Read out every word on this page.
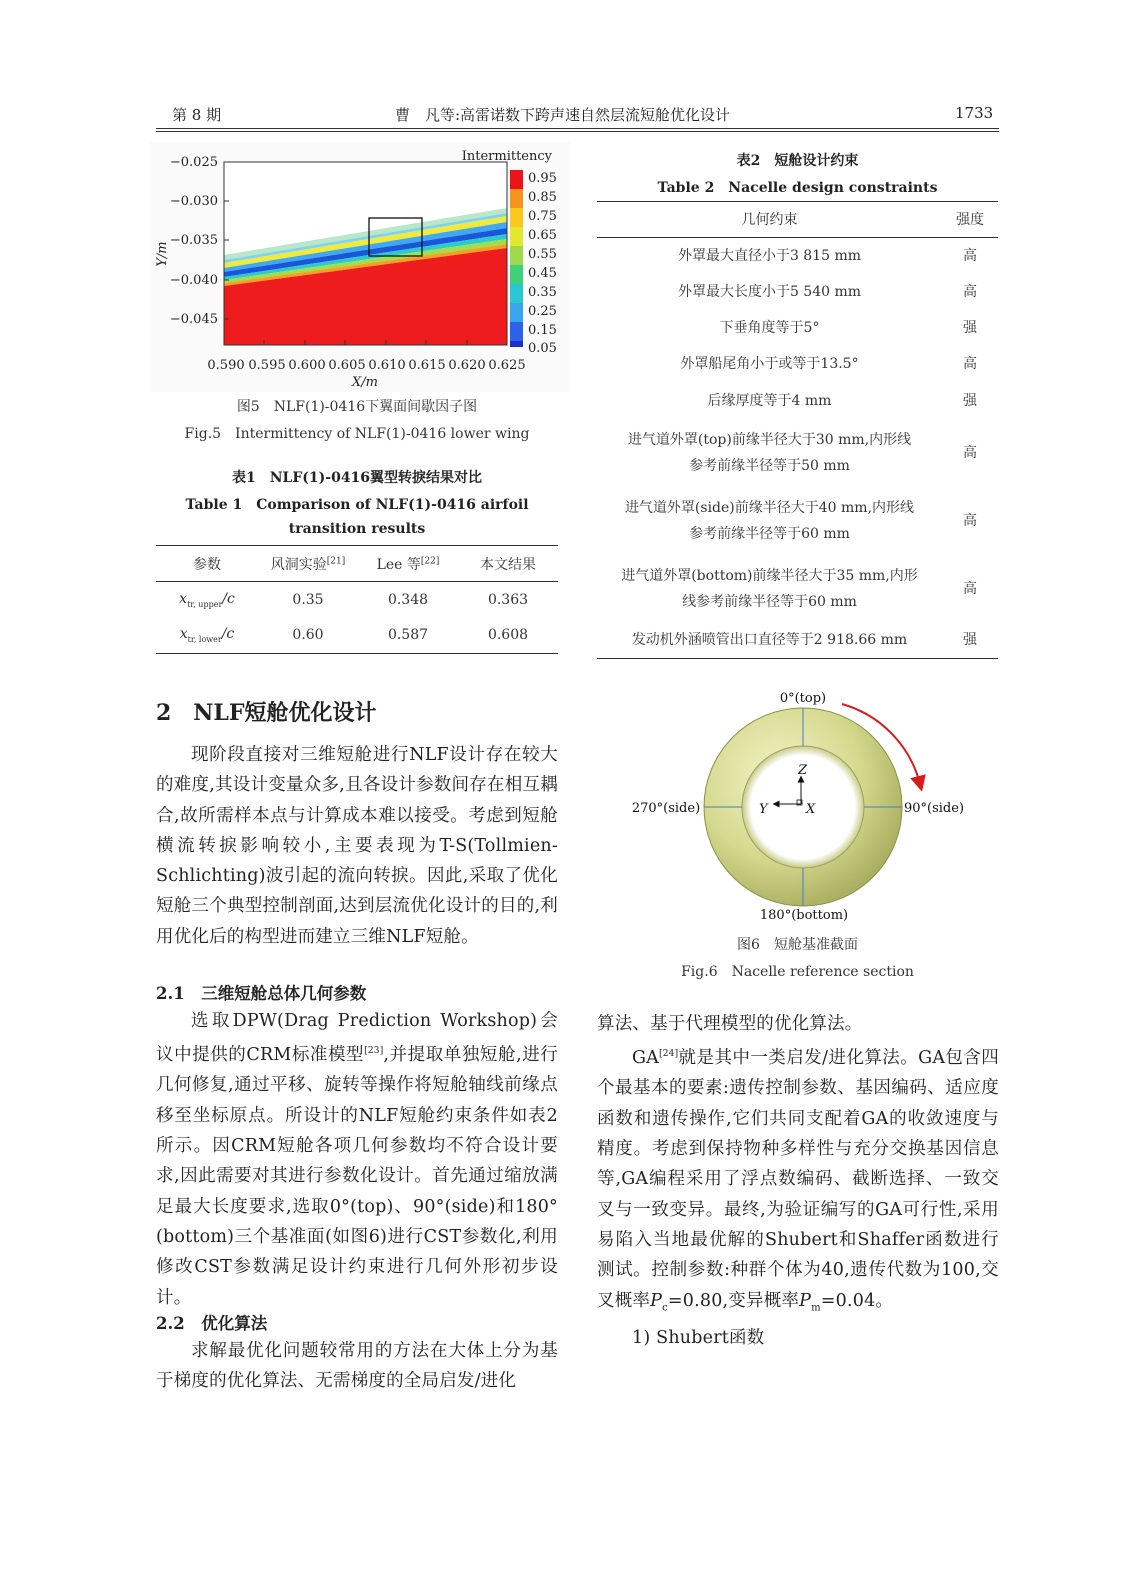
第 8 期	曹　凡等:高雷诺数下跨声速自然层流短舱优化设计	1733
−0.025
−0.030
−0.035
−0.040
−0.045
Y/m
0.590 0.595 0.600 0.605 0.610 0.615 0.620 0.625
X/m
Intermittency
0.95
0.85
0.75
0.65
0.55
0.45
0.35
0.25
0.15
0.05
图5　NLF(1)-0416下翼面间歇因子图
Fig.5　Intermittency of NLF(1)-0416 lower wing
表1　NLF(1)-0416翼型转捩结果对比
Table 1　Comparison of NLF(1)-0416 airfoil
transition results
参数	风洞实验[21]	Lee 等[22]	本文结果
$x_{tr, upper}/c$	0.35	0.348	0.363
$x_{tr, lower}/c$	0.60	0.587	0.608
表2　短舱设计约束
Table 2　Nacelle design constraints
几何约束	强度
外罩最大直径小于3 815 mm	高
外罩最大长度小于5 540 mm	高
下垂角度等于5°	强
外罩船尾角小于或等于13.5°	高
后缘厚度等于4 mm	强

进气道外罩(top)前缘半径大于30 mm,内形线
参考前缘半径等于50 mm	高

进气道外罩(side)前缘半径大于40 mm,内形线
参考前缘半径等于60 mm	高

进气道外罩(bottom)前缘半径大于35 mm,内形
线参考前缘半径等于60 mm	高
发动机外涵喷管出口直径等于2 918.66 mm	强
Z
Y	X
0°(top)
270°(side)	90°(side)
180°(bottom)
图6　短舱基准截面
Fig.6　Nacelle reference section
2　NLF短舱优化设计

现阶段直接对三维短舱进行NLF设计存在较大的难度,其设计变量众多,且各设计参数间存在相互耦合,故所需样本点与计算成本难以接受。考虑到短舱横流转捩影响较小,主要表现为T-S(Tollmien-Schlichting)波引起的流向转捩。因此,采取了优化短舱三个典型控制剖面,达到层流优化设计的目的,利用优化后的构型进而建立三维NLF短舱。

2.1　三维短舱总体几何参数

选取DPW(Drag Prediction Workshop)会议中提供的CRM标准模型[23],并提取单独短舱,进行几何修复,通过平移、旋转等操作将短舱轴线前缘点移至坐标原点。所设计的NLF短舱约束条件如表2所示。因CRM短舱各项几何参数均不符合设计要求,因此需要对其进行参数化设计。首先通过缩放满足最大长度要求,选取0°(top)、90°(side)和180°(bottom)三个基准面(如图6)进行CST参数化,利用修改CST参数满足设计约束进行几何外形初步设计。

2.2　优化算法

求解最优化问题较常用的方法在大体上分为基于梯度的优化算法、无需梯度的全局启发/进化

算法、基于代理模型的优化算法。

GA[24]就是其中一类启发/进化算法。GA包含四个最基本的要素:遗传控制参数、基因编码、适应度函数和遗传操作,它们共同支配着GA的收敛速度与精度。考虑到保持物种多样性与充分交换基因信息等,GA编程采用了浮点数编码、截断选择、一致交叉与一致变异。最终,为验证编写的GA可行性,采用易陷入当地最优解的Shubert和Shaffer函数进行测试。控制参数:种群个体为40,遗传代数为100,交叉概率$P_c=0.80$,变异概率$P_m=0.04$。

1) Shubert函数
